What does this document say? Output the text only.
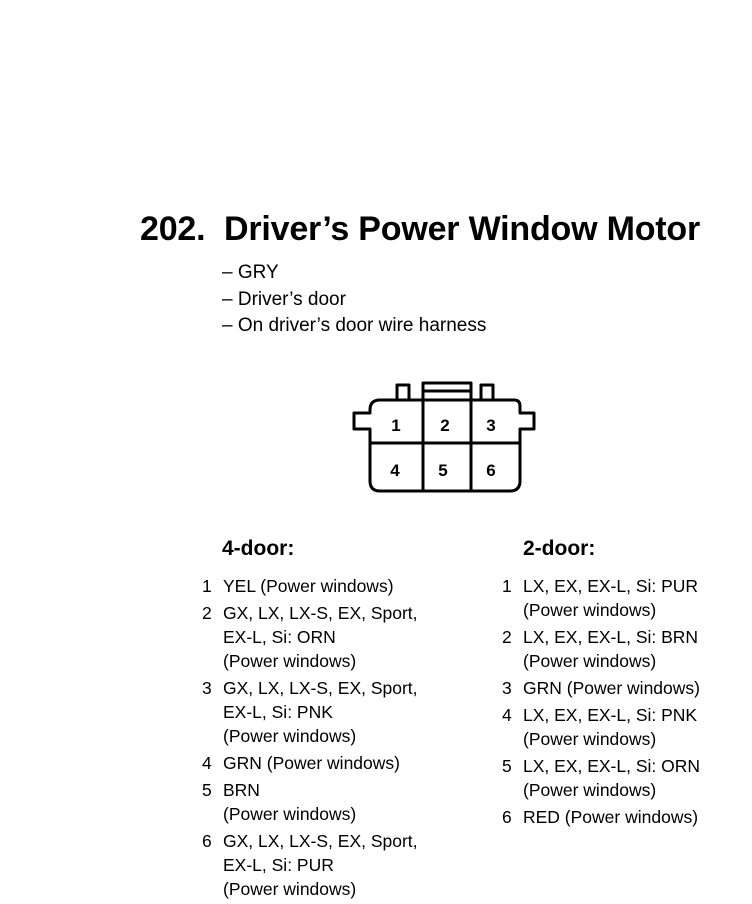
202. Driver’s Power Window Motor
– GRY
– Driver’s door
– On driver’s door wire harness
1 2 3
4 5 6
4-door:	2-door:
1 YEL (Power windows)
2 GX, LX, LX-S, EX, Sport,
EX-L, Si: ORN
(Power windows)
3 GX, LX, LX-S, EX, Sport,
EX-L, Si: PNK
(Power windows)
4 GRN (Power windows)
5 BRN
(Power windows)
6 GX, LX, LX-S, EX, Sport,
EX-L, Si: PUR
(Power windows)
1 LX, EX, EX-L, Si: PUR
(Power windows)
2 LX, EX, EX-L, Si: BRN
(Power windows)
3 GRN (Power windows)
4 LX, EX, EX-L, Si: PNK
(Power windows)
5 LX, EX, EX-L, Si: ORN
(Power windows)
6 RED (Power windows)
